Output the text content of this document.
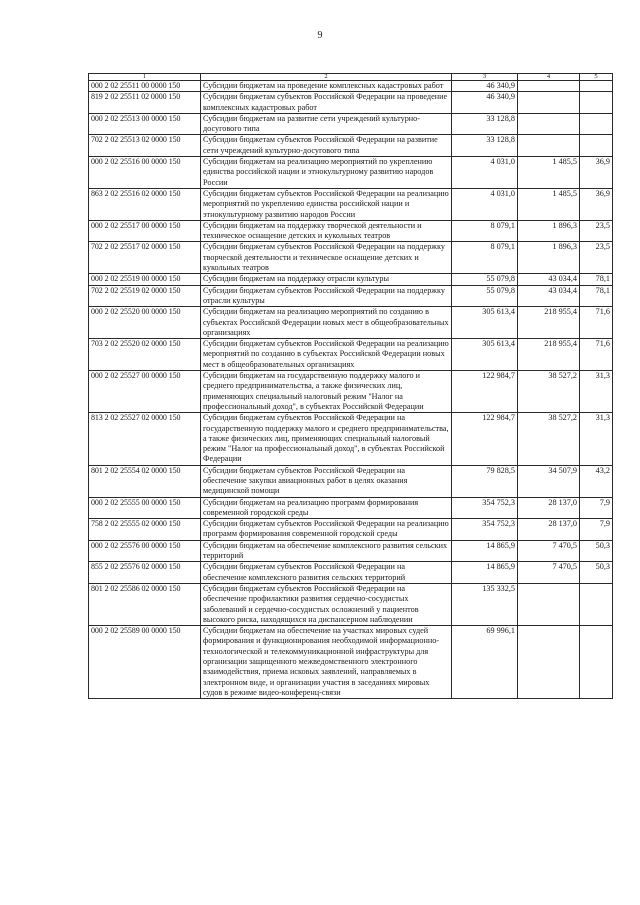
9
1	2	3	4	5
000 2 02 25511 00 0000 150	Субсидии бюджетам на проведение комплексных кадастровых работ	46 340,9		
819 2 02 25511 02 0000 150	Субсидии бюджетам субъектов Российской Федерации на проведение комплексных кадастровых работ	46 340,9		
000 2 02 25513 00 0000 150	Субсидии бюджетам на развитие сети учреждений культурно-досугового типа	33 128,8		
702 2 02 25513 02 0000 150	Субсидии бюджетам субъектов Российской Федерации на развитие сети учреждений культурно-досугового типа	33 128,8		
000 2 02 25516 00 0000 150	Субсидии бюджетам на реализацию мероприятий по укреплению единства российской нации и этнокультурному развитию народов России	4 031,0	1 485,5	36,9
863 2 02 25516 02 0000 150	Субсидии бюджетам субъектов Российской Федерации на реализацию мероприятий по укреплению единства российской нации и этнокультурному развитию народов России	4 031,0	1 485,5	36,9
000 2 02 25517 00 0000 150	Субсидии бюджетам на поддержку творческой деятельности и техническое оснащение детских и кукольных театров	8 079,1	1 896,3	23,5
702 2 02 25517 02 0000 150	Субсидии бюджетам субъектов Российской Федерации на поддержку творческой деятельности и техническое оснащение детских и кукольных театров	8 079,1	1 896,3	23,5
000 2 02 25519 00 0000 150	Субсидии бюджетам на поддержку отрасли культуры	55 079,8	43 034,4	78,1
702 2 02 25519 02 0000 150	Субсидии бюджетам субъектов Российской Федерации на поддержку отрасли культуры	55 079,8	43 034,4	78,1
000 2 02 25520 00 0000 150	Субсидии бюджетам на реализацию мероприятий по созданию в субъектах Российской Федерации новых мест в общеобразовательных организациях	305 613,4	218 955,4	71,6
703 2 02 25520 02 0000 150	Субсидии бюджетам субъектов Российской Федерации на реализацию мероприятий по созданию в субъектах Российской Федерации новых мест в общеобразовательных организациях	305 613,4	218 955,4	71,6
000 2 02 25527 00 0000 150	Субсидии бюджетам на государственную поддержку малого и среднего предпринимательства, а также физических лиц, применяющих специальный налоговый режим "Налог на профессиональный доход", в субъектах Российской Федерации	122 984,7	38 527,2	31,3
813 2 02 25527 02 0000 150	Субсидии бюджетам субъектов Российской Федерации на государственную поддержку малого и среднего предпринимательства, а также физических лиц, применяющих специальный налоговый режим "Налог на профессиональный доход", в субъектах Российской Федерации	122 984,7	38 527,2	31,3
801 2 02 25554 02 0000 150	Субсидии бюджетам субъектов Российской Федерации на обеспечение закупки авиационных работ в целях оказания медицинской помощи	79 828,5	34 507,9	43,2
000 2 02 25555 00 0000 150	Субсидии бюджетам на реализацию программ формирования современной городской среды	354 752,3	28 137,0	7,9
758 2 02 25555 02 0000 150	Субсидии бюджетам субъектов Российской Федерации на реализацию программ формирования современной городской среды	354 752,3	28 137,0	7,9
000 2 02 25576 00 0000 150	Субсидии бюджетам на обеспечение комплексного развития сельских территорий	14 865,9	7 470,5	50,3
855 2 02 25576 02 0000 150	Субсидии бюджетам субъектов Российской Федерации на обеспечение комплексного развития сельских территорий	14 865,9	7 470,5	50,3
801 2 02 25586 02 0000 150	Субсидии бюджетам субъектов Российской Федерации на обеспечение профилактики развития сердечно-сосудистых заболеваний и сердечно-сосудистых осложнений у пациентов высокого риска, находящихся на диспансерном наблюдении	135 332,5		
000 2 02 25589 00 0000 150	Субсидии бюджетам на обеспечение на участках мировых судей формирования и функционирования необходимой информационно-технологической и телекоммуникационной инфраструктуры для организации защищенного межведомственного электронного взаимодействия, приема исковых заявлений, направляемых в электронном виде, и организации участия в заседаниях мировых судов в режиме видео-конференц-связи	69 996,1		
